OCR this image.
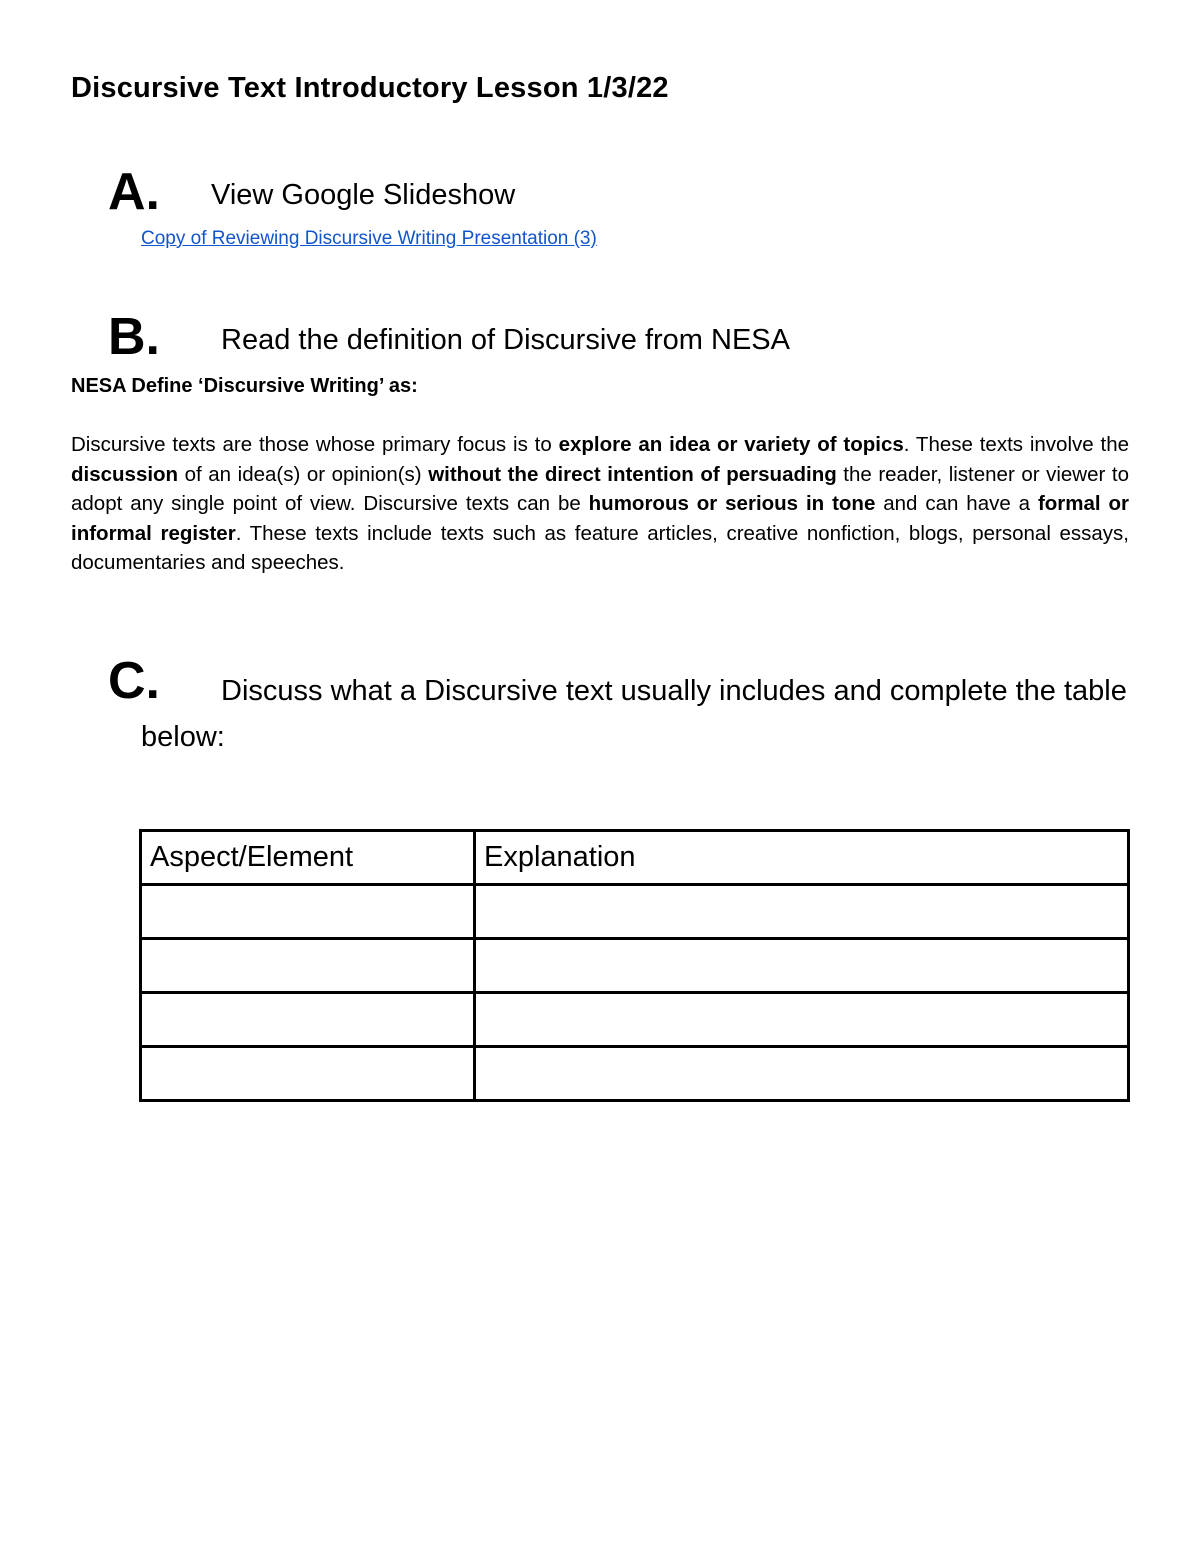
Discursive Text Introductory Lesson 1/3/22
A. View Google Slideshow
Copy of Reviewing Discursive Writing Presentation (3)
B. Read the definition of Discursive from NESA
NESA Define ‘Discursive Writing’ as:

Discursive texts are those whose primary focus is to explore an idea or variety of topics. These texts involve the discussion of an idea(s) or opinion(s) without the direct intention of persuading the reader, listener or viewer to adopt any single point of view. Discursive texts can be humorous or serious in tone and can have a formal or informal register. These texts include texts such as feature articles, creative nonfiction, blogs, personal essays, documentaries and speeches.

C.	Discuss what a Discursive text usually includes and complete the table below:

Aspect/Element	Explanation
